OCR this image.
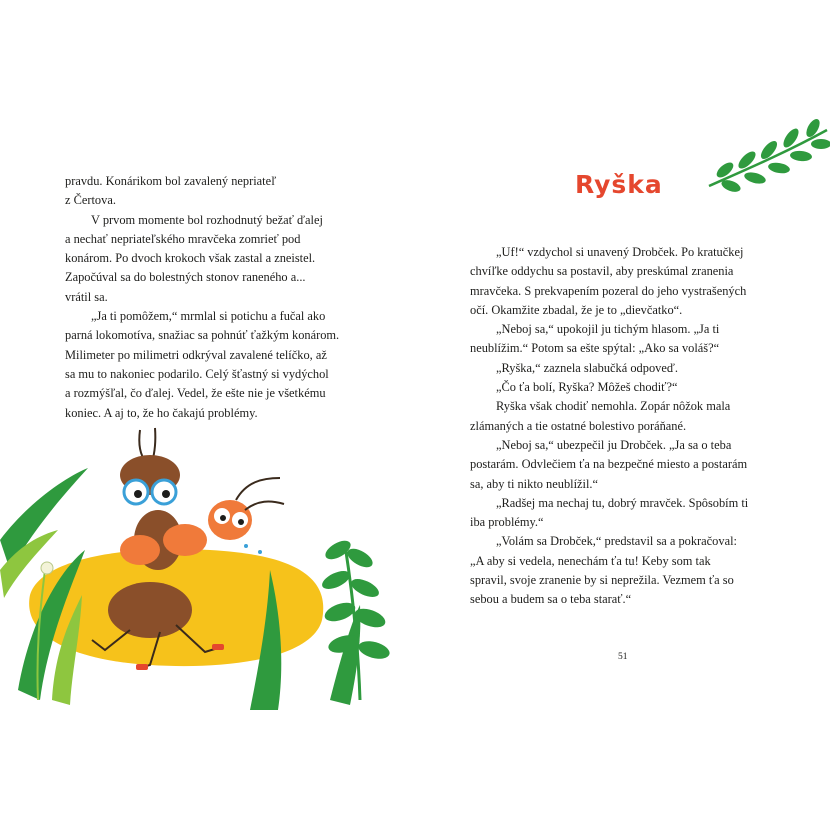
pravdu. Konárikom bol zavalený nepriateľ
z Čertova.
V prvom momente bol rozhodnutý bežať ďalej
a nechať nepriateľského mravčeka zomrieť pod
konárom. Po dvoch krokoch však zastal a zneistel.
Započúval sa do bolestných stonov raneného a...
vrátil sa.
„Ja ti pomôžem,“ mrmlal si potichu a fučal ako
parná lokomotíva, snažiac sa pohnúť ťažkým konárom.
Milimeter po milimetri odkrýval zavalené telíčko, až
sa mu to nakoniec podarilo. Celý šťastný si vydýchol
a rozmýšľal, čo ďalej. Vedel, že ešte nie je všetkému
koniec. A aj to, že ho čakajú problémy.
Ryška
„Uf!“ vzdychol si unavený Drobček. Po kratučkej
chvíľke oddychu sa postavil, aby preskúmal zranenia
mravčeka. S prekvapením pozeral do jeho vystrašených
očí. Okamžite zbadal, že je to „dievčatko“.
„Neboj sa,“ upokojil ju tichým hlasom. „Ja ti
neublížim.“ Potom sa ešte spýtal: „Ako sa voláš?“
„Ryška,“ zaznela slabučká odpoveď.
„Čo ťa bolí, Ryška? Môžeš chodiť?“
Ryška však chodiť nemohla. Zopár nôžok mala
zlámaných a tie ostatné bolestivo poráňané.
„Neboj sa,“ ubezpečil ju Drobček. „Ja sa o teba
postarám. Odvlečiem ťa na bezpečné miesto a postarám
sa, aby ti nikto neublížil.“
„Radšej ma nechaj tu, dobrý mravček. Spôsobím ti
iba problémy.“
„Volám sa Drobček,“ predstavil sa a pokračoval:
„A aby si vedela, nenechám ťa tu! Keby som tak
spravil, svoje zranenie by si neprežila. Vezmem ťa so
sebou a budem sa o teba starať.“
51
